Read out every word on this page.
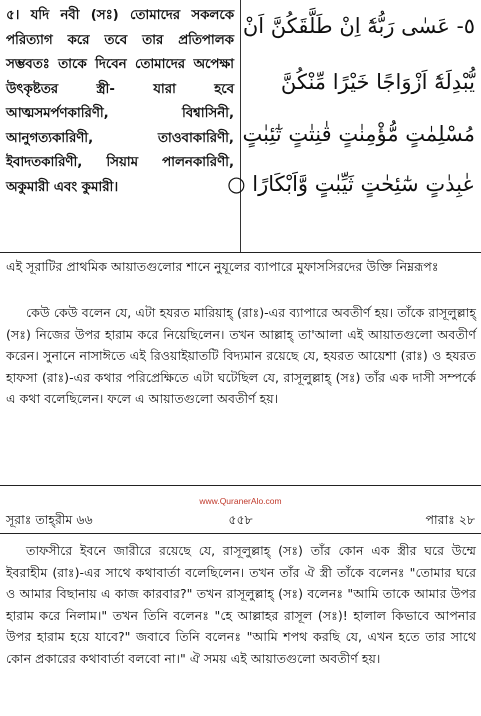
৫। যদি নবী (সঃ) তোমাদের সকলকে পরিত্যাগ করে তবে তার প্রতিপালক সম্ভবতঃ তাকে দিবেন তোমাদের অপেক্ষা উৎকৃষ্টতর স্ত্রী- যারা হবে আত্মসমর্পণকারিণী, বিশ্বাসিনী, আনুগত্যকারিণী, তাওবাকারিণী, ইবাদতকারিণী, সিয়াম পালনকারিণী, অকুমারী এবং কুমারী।
٥- عَسٰى رَبُّهٗٓ اِنْ طَلَّقَكُنَّ اَنْ
يُّبْدِلَهٗٓ اَزْوَاجًا خَيْرًا مِّنْكُنَّ
مُسْلِمٰتٍ مُّؤْمِنٰتٍ قٰنِتٰتٍ تٰٓئِبٰتٍ
عٰبِدٰتٍ سٰٓئِحٰتٍ ثَيِّبٰتٍ وَّاَبْكَارًا ○
এই সূরাটির প্রাথমিক আয়াতগুলোর শানে নুযূলের ব্যাপারে মুফাসসিরদের উক্তি নিম্নরূপঃ
কেউ কেউ বলেন যে, এটা হযরত মারিয়াহ্ (রাঃ)-এর ব্যাপারে অবতীর্ণ হয়। তাঁকে রাসূলুল্লাহ্ (সঃ) নিজের উপর হারাম করে নিয়েছিলেন। তখন আল্লাহ্ তা'আলা এই আয়াতগুলো অবতীর্ণ করেন। সুনানে নাসাঈতে এই রিওয়াইয়াতটি বিদ্যমান রয়েছে যে, হযরত আয়েশা (রাঃ) ও হযরত হাফসা (রাঃ)-এর কথার পরিপ্রেক্ষিতে এটা ঘটেছিল যে, রাসূলুল্লাহ্ (সঃ) তাঁর এক দাসী সম্পর্কে এ কথা বলেছিলেন। ফলে এ আয়াতগুলো অবতীর্ণ হয়।
www.QuranerAlo.com
সূরাঃ তাহ্‌রীম ৬৬	৫৫৮	পারাঃ ২৮
তাফসীরে ইবনে জারীরে রয়েছে যে, রাসূলুল্লাহ্ (সঃ) তাঁর কোন এক স্ত্রীর ঘরে উম্মে ইবরাহীম (রাঃ)-এর সাথে কথাবার্তা বলেছিলেন। তখন তাঁর ঐ স্ত্রী তাঁকে বলেনঃ "তোমার ঘরে ও আমার বিছানায় এ কাজ কারবার?" তখন রাসূলুল্লাহ্ (সঃ) বলেনঃ "আমি তাকে আমার উপর হারাম করে নিলাম।" তখন তিনি বলেনঃ "হে আল্লাহর রাসূল (সঃ)! হালাল কিভাবে আপনার উপর হারাম হয়ে যাবে?" জবাবে তিনি বলেনঃ "আমি শপথ করছি যে, এখন হতে তার সাথে কোন প্রকারের কথাবার্তা বলবো না।" ঐ সময় এই আয়াতগুলো অবতীর্ণ হয়।
